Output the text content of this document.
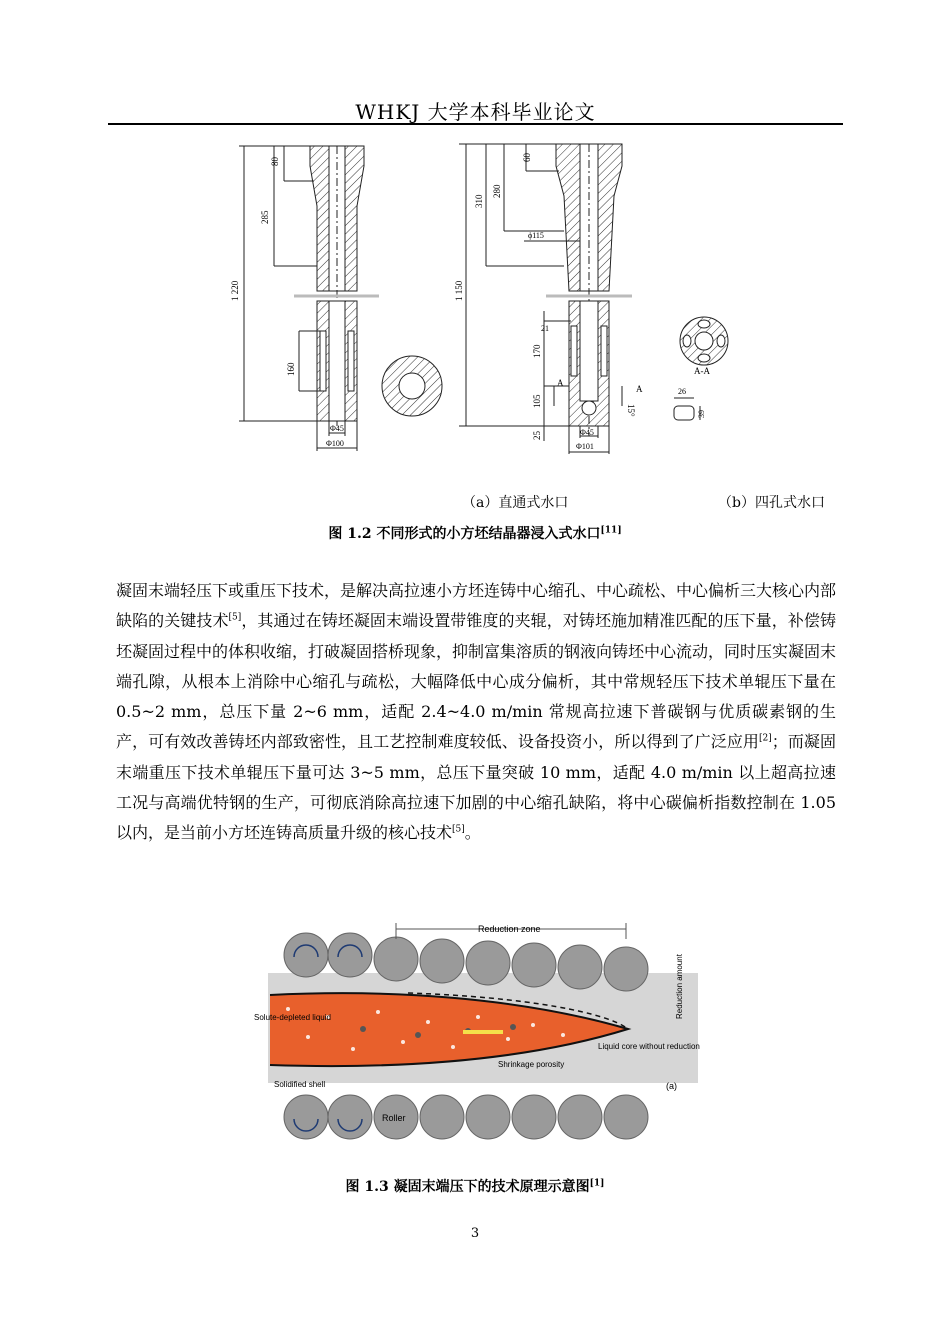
WHKJ 大学本科毕业论文
80
285
1 220
160
Φ45
Φ100
60
280
310
1 150
ϕ115
21
170
105
25
15°
A
A
Φ45
Φ101
A-A
26
39
（a）直通式水口	（b）四孔式水口
图 1.2 不同形式的小方坯结晶器浸入式水口[11]

凝固末端轻压下或重压下技术，是解决高拉速小方坯连铸中心缩孔、中心疏松、中心偏析三大核心内部缺陷的关键技术[5]，其通过在铸坯凝固末端设置带锥度的夹辊，对铸坯施加精准匹配的压下量，补偿铸坯凝固过程中的体积收缩，打破凝固搭桥现象，抑制富集溶质的钢液向铸坯中心流动，同时压实凝固末端孔隙，从根本上消除中心缩孔与疏松，大幅降低中心成分偏析，其中常规轻压下技术单辊压下量在 0.5~2 mm，总压下量 2~6 mm，适配 2.4~4.0 m/min 常规高拉速下普碳钢与优质碳素钢的生产，可有效改善铸坯内部致密性，且工艺控制难度较低、设备投资小，所以得到了广泛应用[2]；而凝固末端重压下技术单辊压下量可达 3~5 mm，总压下量突破 10 mm，适配 4.0 m/min 以上超高拉速工况与高端优特钢的生产，可彻底消除高拉速下加剧的中心缩孔缺陷，将中心碳偏析指数控制在 1.05 以内，是当前小方坯连铸高质量升级的核心技术[5]。

Reduction zone
Reduction amount
Solute-depleted liquid
Liquid core without reduction
Shrinkage porosity
Solidified shell
Roller
(a)
图 1.3 凝固末端压下的技术原理示意图[1]
3
